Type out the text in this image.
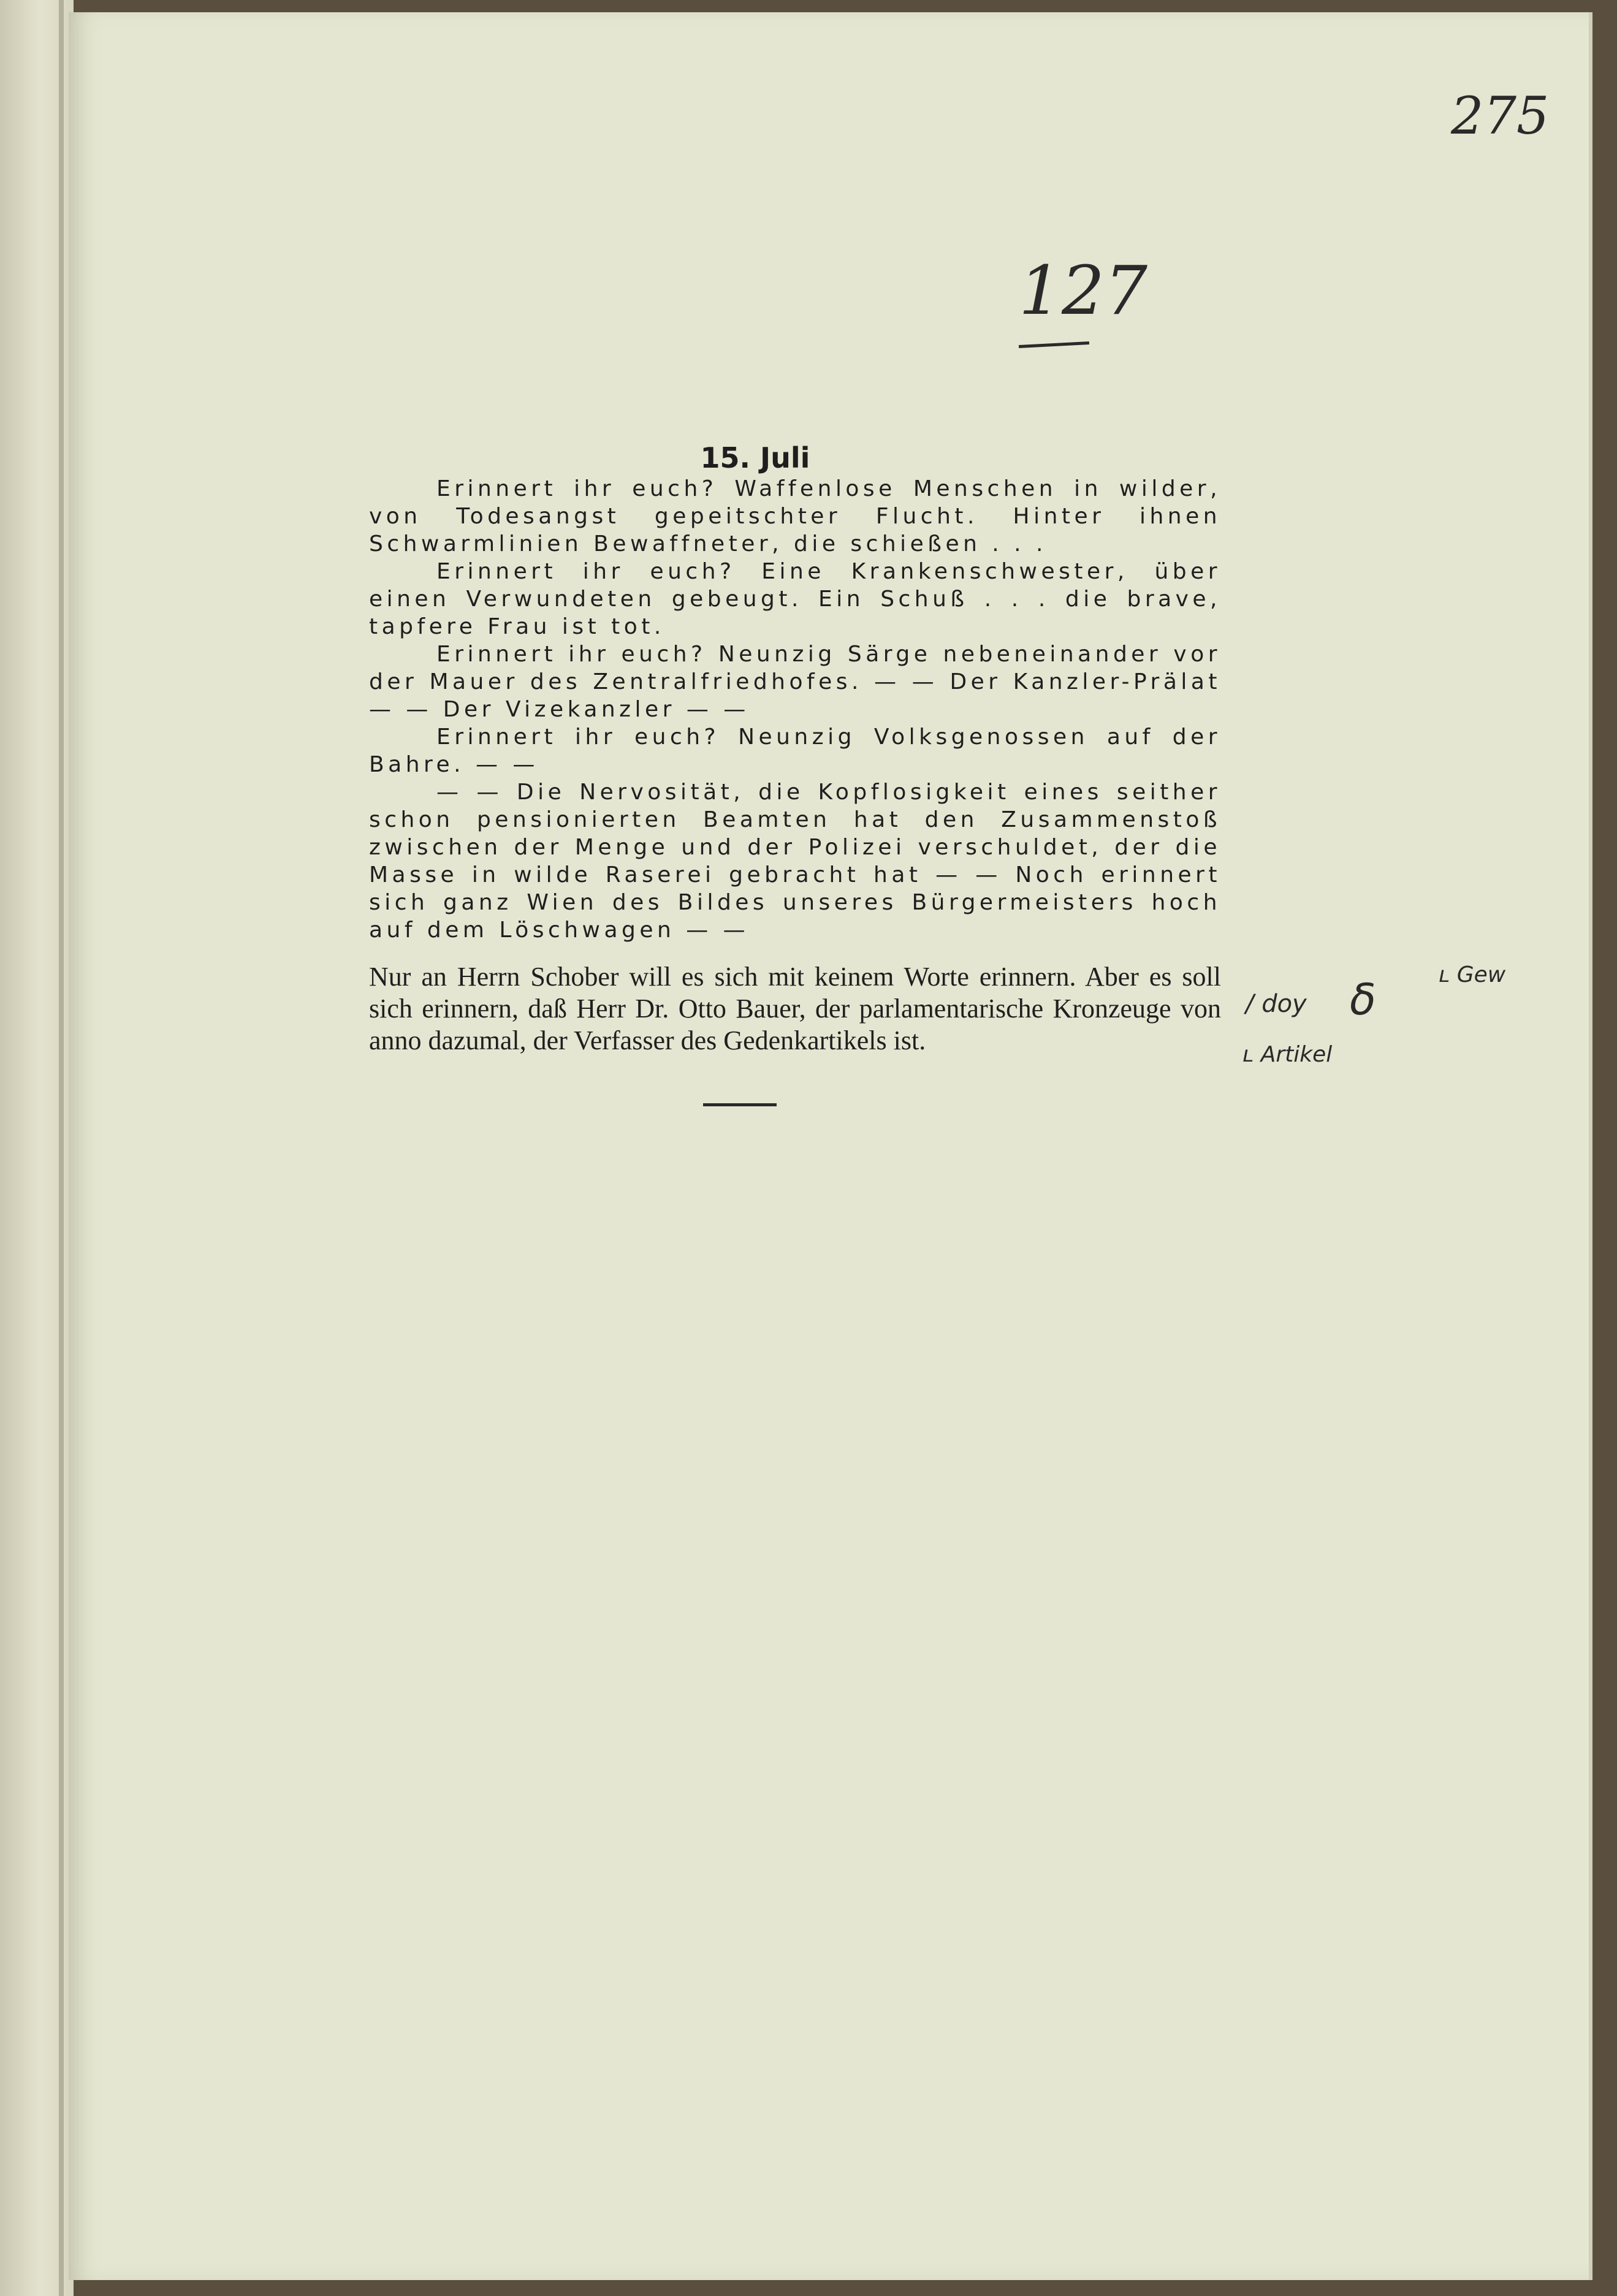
275
127
15. Juli

Erinnert ihr euch? Waffenlose Menschen in wilder, von Todesangst gepeitschter Flucht. Hinter ihnen Schwarmlinien Bewaffneter, die schießen . . .

Erinnert ihr euch? Eine Krankenschwester, über einen Verwundeten gebeugt. Ein Schuß . . . die brave, tapfere Frau ist tot.

Erinnert ihr euch? Neunzig Särge nebeneinander vor der Mauer des Zentralfriedhofes. — — Der Kanzler-Prälat — — Der Vizekanzler — —

Erinnert ihr euch? Neunzig Volksgenossen auf der Bahre. — —

— — Die Nervosität, die Kopflosigkeit eines seither schon pensionierten Beamten hat den Zusammenstoß zwischen der Menge und der Polizei verschuldet, der die Masse in wilde Raserei gebracht hat — — Noch erinnert sich ganz Wien des Bildes unseres Bürgermeisters hoch auf dem Löschwagen — —

Nur an Herrn Schober will es sich mit keinem Worte erinnern. Aber es soll sich erinnern, daß Herr Dr. Otto Bauer, der parlamentarische Kronzeuge von anno dazumal, der Verfasser des Gedenkartikels ist.

/ doy δ	ʟ Gew
ʟ Artikel
